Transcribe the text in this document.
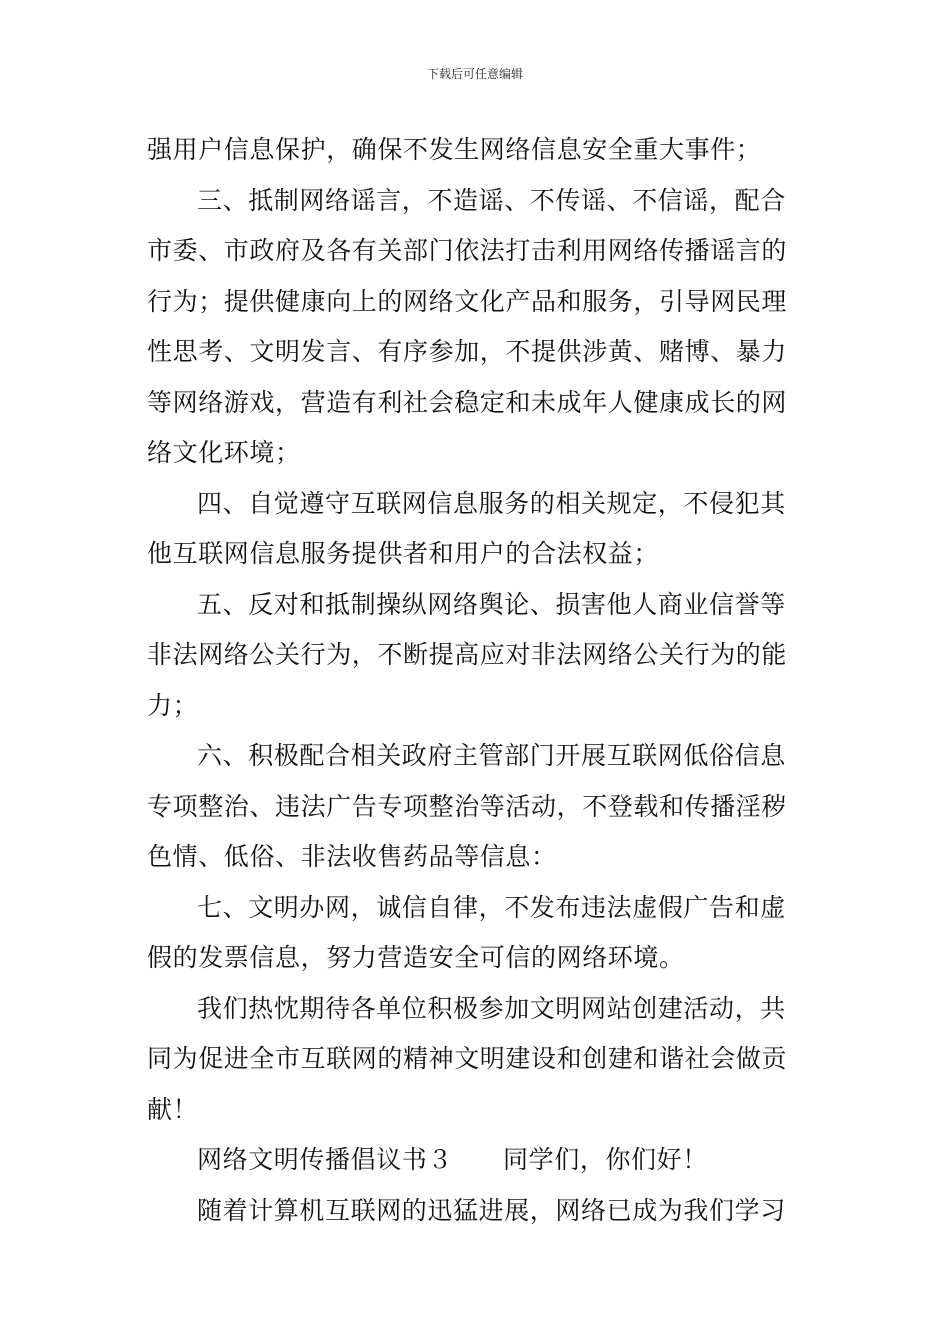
下载后可任意编辑
强用户信息保护，确保不发生网络信息安全重大事件；
三、抵制网络谣言，不造谣、不传谣、不信谣，配合
市委、市政府及各有关部门依法打击利用网络传播谣言的
行为；提供健康向上的网络文化产品和服务，引导网民理
性思考、文明发言、有序参加，不提供涉黄、赌博、暴力
等网络游戏，营造有利社会稳定和未成年人健康成长的网
络文化环境；
四、自觉遵守互联网信息服务的相关规定，不侵犯其
他互联网信息服务提供者和用户的合法权益；
五、反对和抵制操纵网络舆论、损害他人商业信誉等
非法网络公关行为，不断提高应对非法网络公关行为的能
力；
六、积极配合相关政府主管部门开展互联网低俗信息
专项整治、违法广告专项整治等活动，不登载和传播淫秽
色情、低俗、非法收售药品等信息：
七、文明办网，诚信自律，不发布违法虚假广告和虚
假的发票信息，努力营造安全可信的网络环境。
我们热忱期待各单位积极参加文明网站创建活动，共
同为促进全市互联网的精神文明建设和创建和谐社会做贡
献！
网络文明传播倡议书３ 同学们，你们好！
随着计算机互联网的迅猛进展，网络已成为我们学习
